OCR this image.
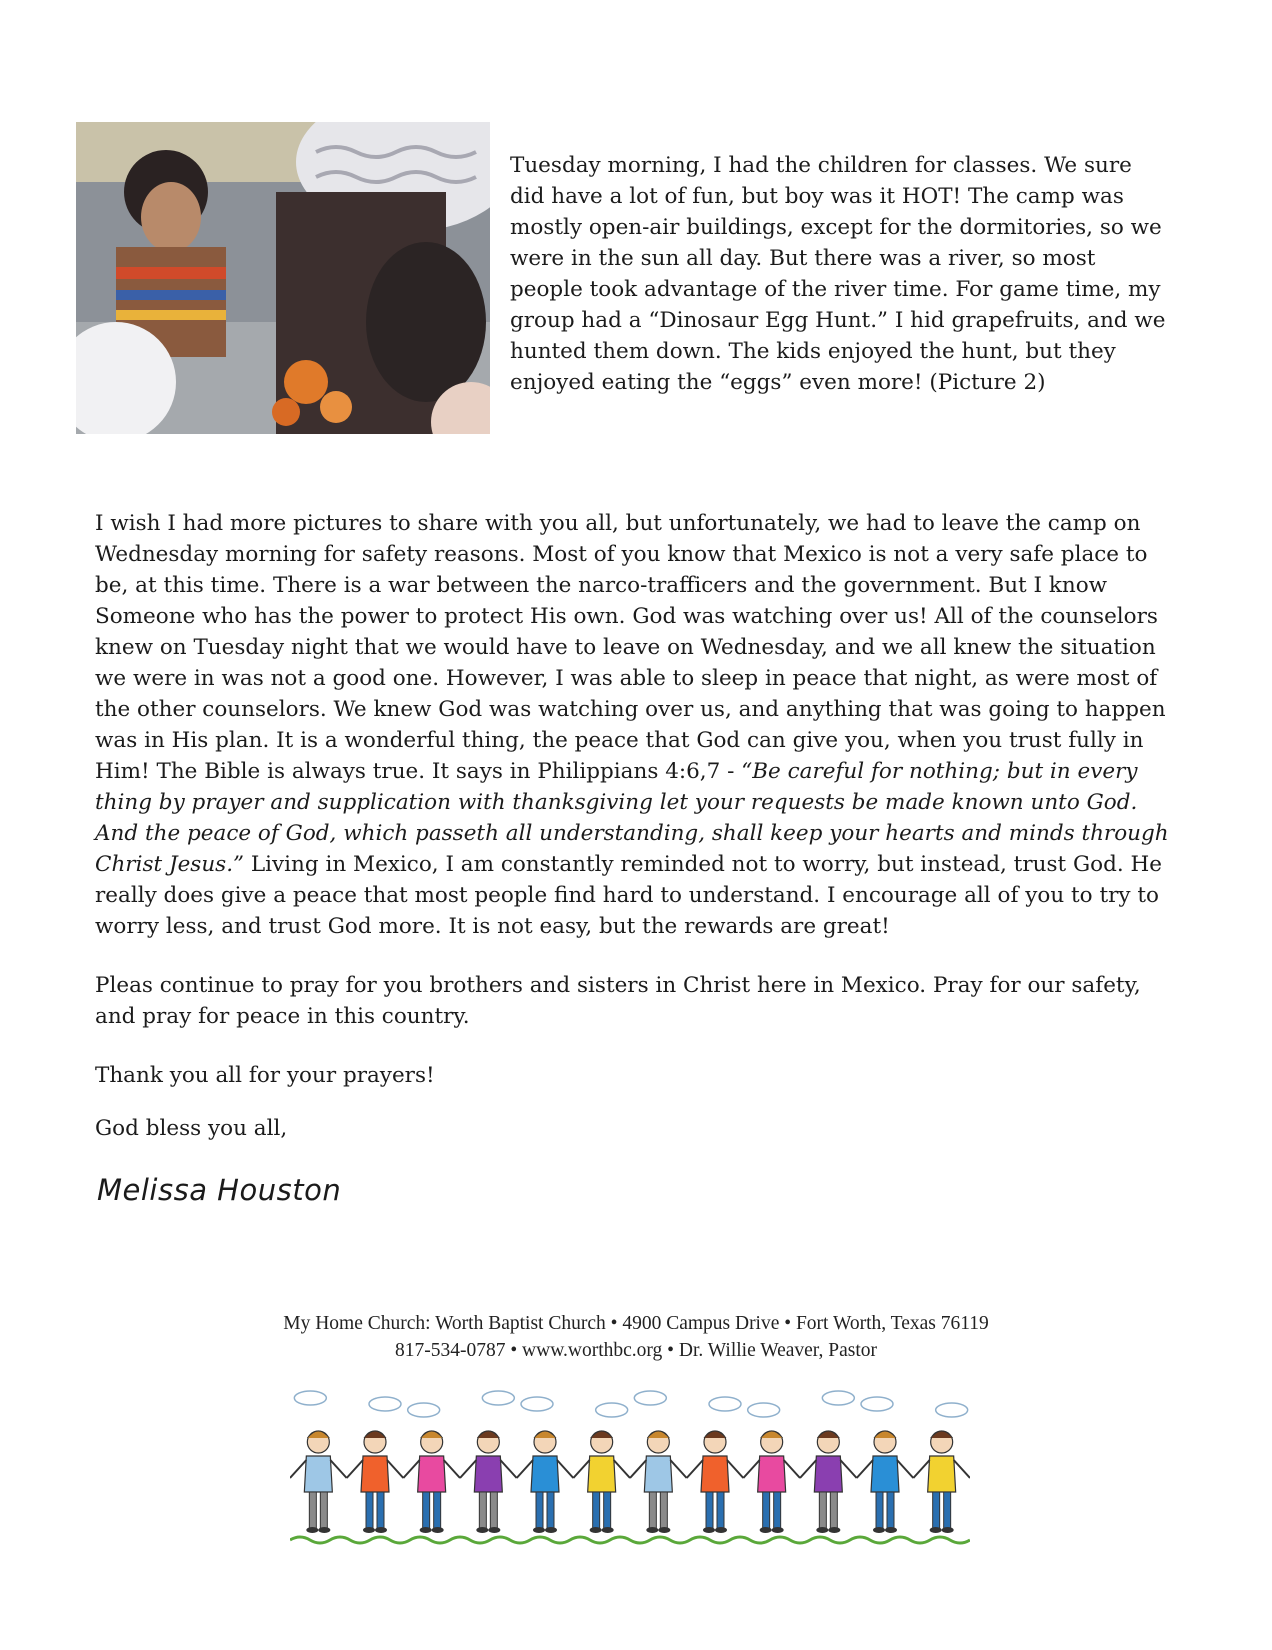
Tuesday morning, I had the children for classes. We sure did have a lot of fun, but boy was it HOT! The camp was mostly open-air buildings, except for the dormitories, so we were in the sun all day. But there was a river, so most people took advantage of the river time. For game time, my group had a “Dinosaur Egg Hunt.” I hid grapefruits, and we hunted them down. The kids enjoyed the hunt, but they enjoyed eating the “eggs” even more! (Picture 2)

I wish I had more pictures to share with you all, but unfortunately, we had to leave the camp on Wednesday morning for safety reasons. Most of you know that Mexico is not a very safe place to be, at this time. There is a war between the narco-trafficers and the government. But I know Someone who has the power to protect His own. God was watching over us! All of the counselors knew on Tuesday night that we would have to leave on Wednesday, and we all knew the situation we were in was not a good one. However, I was able to sleep in peace that night, as were most of the other counselors. We knew God was watching over us, and anything that was going to happen was in His plan. It is a wonderful thing, the peace that God can give you, when you trust fully in Him! The Bible is always true. It says in Philippians 4:6,7 - “Be careful for nothing; but in every thing by prayer and supplication with thanksgiving let your requests be made known unto God. And the peace of God, which passeth all understanding, shall keep your hearts and minds through Christ Jesus.” Living in Mexico, I am constantly reminded not to worry, but instead, trust God. He really does give a peace that most people find hard to understand. I encourage all of you to try to worry less, and trust God more. It is not easy, but the rewards are great!

Pleas continue to pray for you brothers and sisters in Christ here in Mexico. Pray for our safety, and pray for peace in this country.

Thank you all for your prayers!

God bless you all,

Melissa Houston
My Home Church: Worth Baptist Church • 4900 Campus Drive • Fort Worth, Texas 76119
817-534-0787 • www.worthbc.org • Dr. Willie Weaver, Pastor
